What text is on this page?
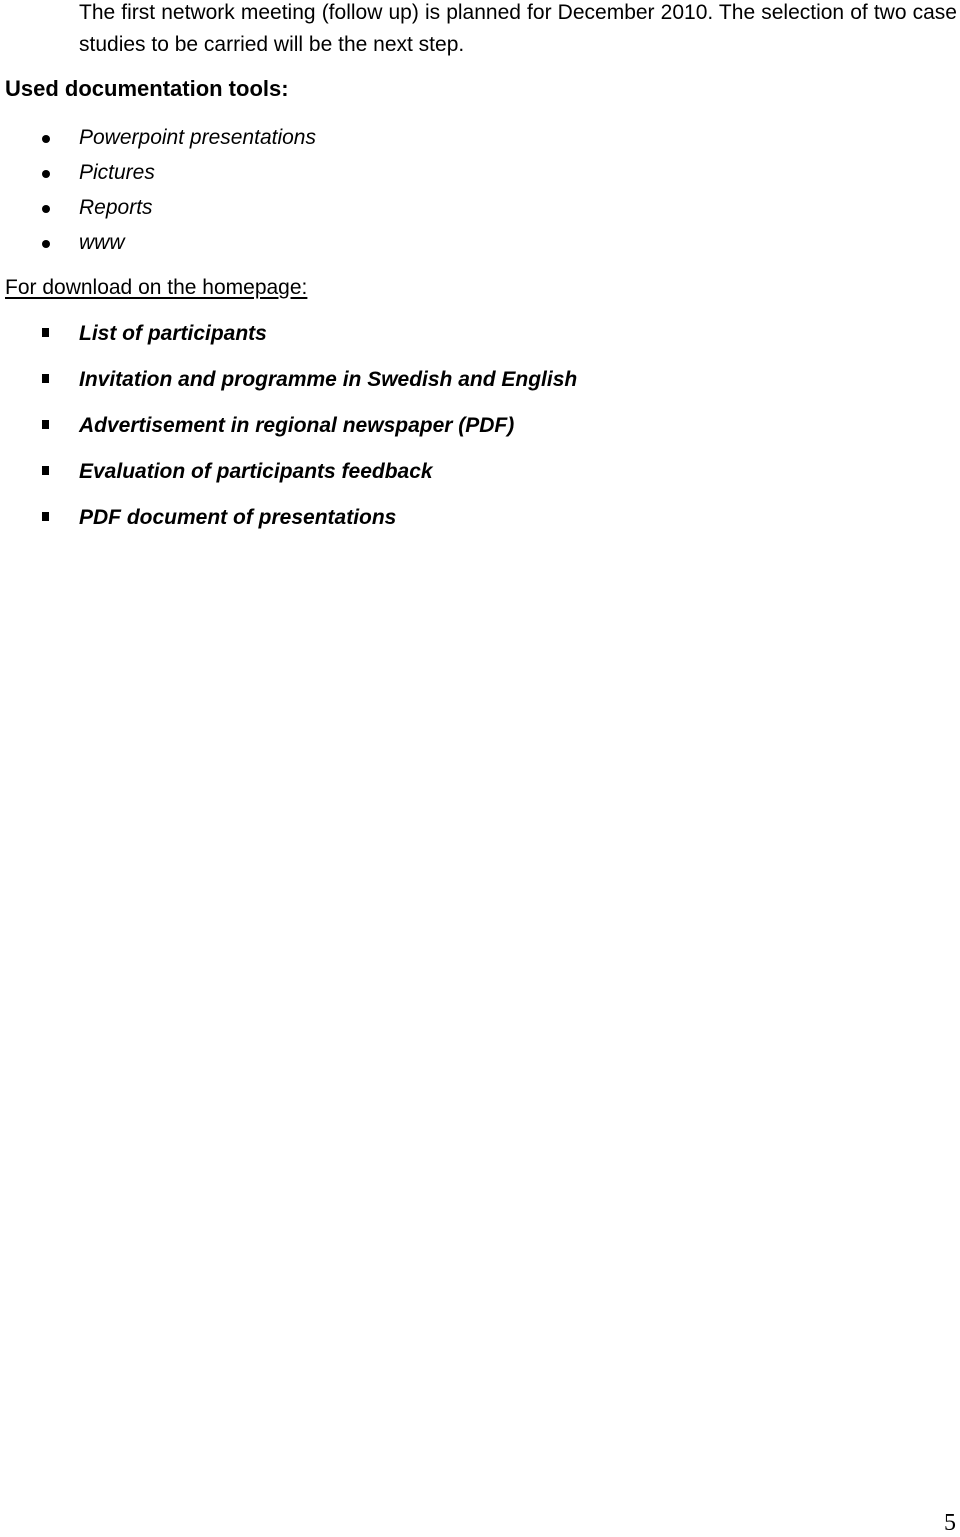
The first network meeting (follow up) is planned for December 2010. The selection of two case studies to be carried will be the next step.

Used documentation tools:
Powerpoint presentations
Pictures
Reports
www

For download on the homepage:

List of participants
Invitation and programme in Swedish and English
Advertisement in regional newspaper (PDF)
Evaluation of participants feedback
PDF document of presentations
5
